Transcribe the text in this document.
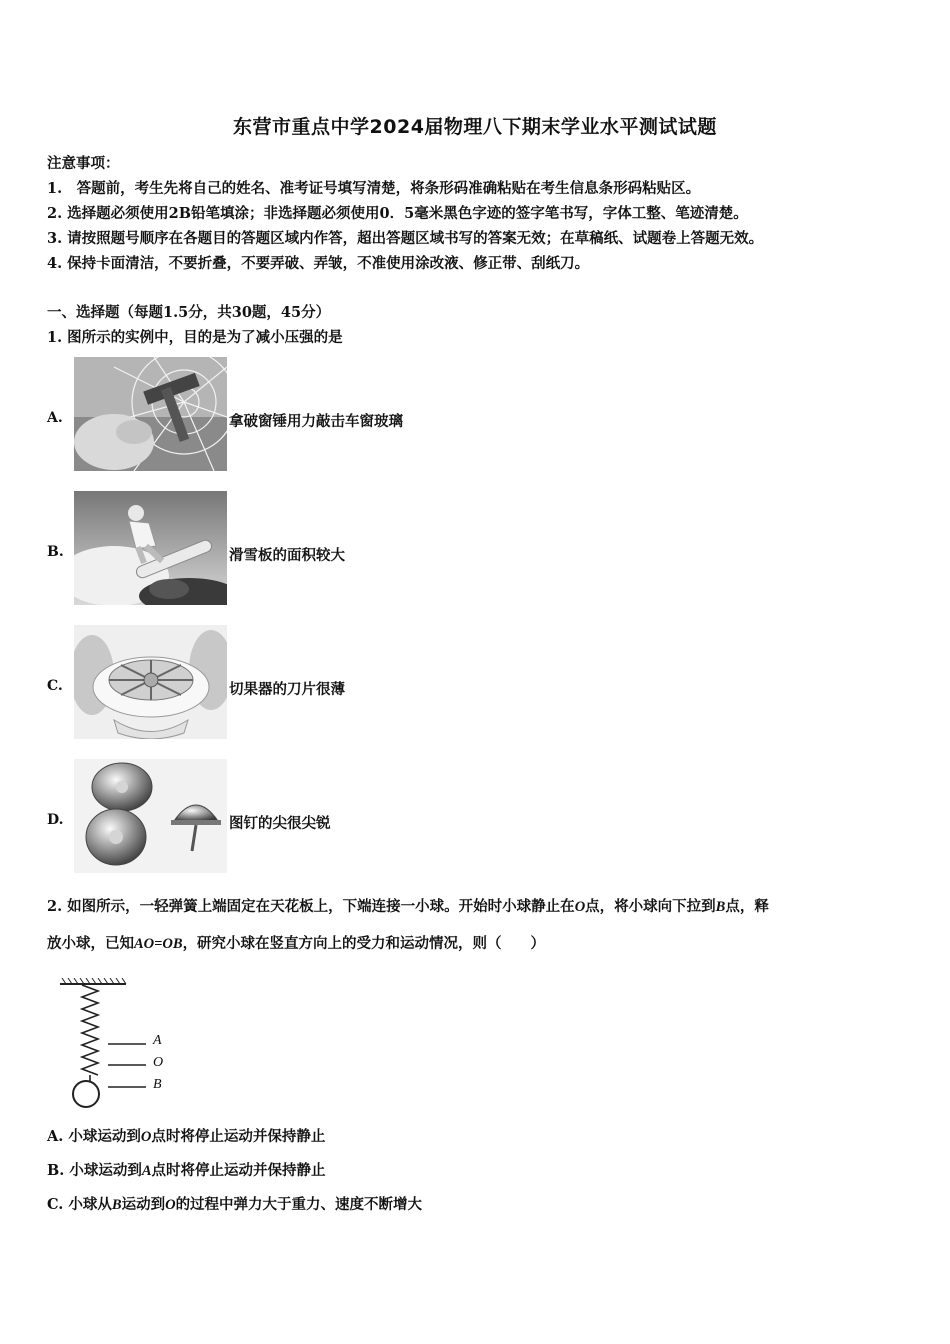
东营市重点中学2024届物理八下期末学业水平测试试题
注意事项：
1.　答题前，考生先将自己的姓名、准考证号填写清楚，将条形码准确粘贴在考生信息条形码粘贴区。
2. 选择题必须使用2B铅笔填涂；非选择题必须使用0．5毫米黑色字迹的签字笔书写，字体工整、笔迹清楚。
3. 请按照题号顺序在各题目的答题区域内作答，超出答题区域书写的答案无效；在草稿纸、试题卷上答题无效。
4. 保持卡面清洁，不要折叠，不要弄破、弄皱，不准使用涂改液、修正带、刮纸刀。
一、选择题（每题1.5分，共30题，45分）
1. 图所示的实例中，目的是为了减小压强的是
A.	拿破窗锤用力敲击车窗玻璃
B.	滑雪板的面积较大
C.	切果器的刀片很薄
D.	图钉的尖很尖锐
2. 如图所示，一轻弹簧上端固定在天花板上，下端连接一小球。开始时小球静止在O点，将小球向下拉到B点，释
放小球，已知AO=OB，研究小球在竖直方向上的受力和运动情况，则（　　）
A
O
B
A. 小球运动到O点时将停止运动并保持静止
B. 小球运动到A点时将停止运动并保持静止
C. 小球从B运动到O的过程中弹力大于重力、速度不断增大
